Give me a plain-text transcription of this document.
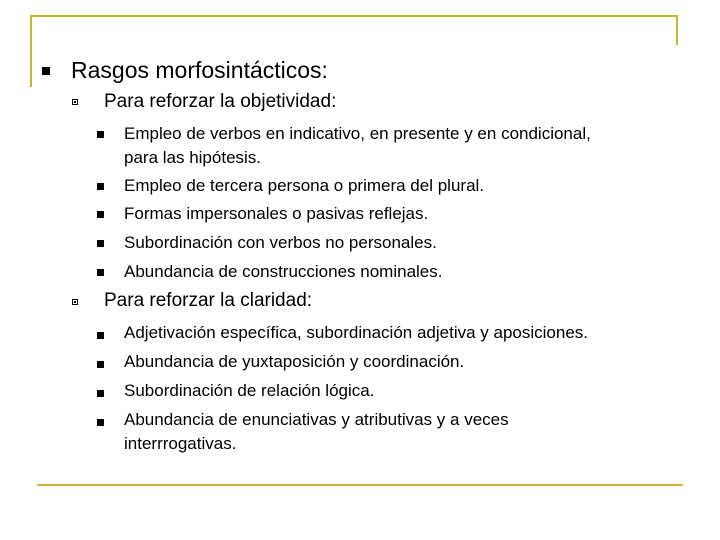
Rasgos morfosintácticos:
Para reforzar la objetividad:
Empleo de verbos en indicativo, en presente y en condicional,
para las hipótesis.
Empleo de tercera persona o primera del plural.
Formas impersonales o pasivas reflejas.
Subordinación con verbos no personales.
Abundancia de construcciones nominales.
Para reforzar la claridad:
Adjetivación específica, subordinación adjetiva y aposiciones.
Abundancia de yuxtaposición y coordinación.
Subordinación de relación lógica.
Abundancia de enunciativas y atributivas y a veces
interrrogativas.
